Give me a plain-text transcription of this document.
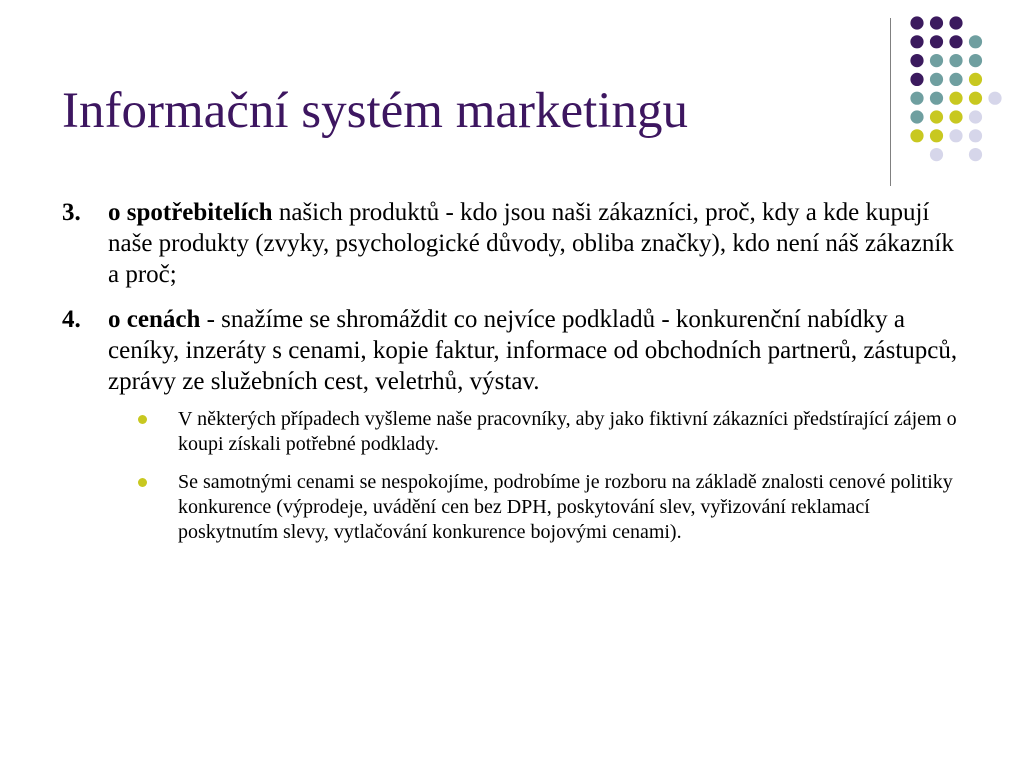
Informační systém marketingu
3. o spotřebitelích našich produktů - kdo jsou naši zákazníci, proč, kdy a kde kupují naše produkty (zvyky, psychologické důvody, obliba značky), kdo není náš zákazník a proč;
4. o cenách - snažíme se shromáždit co nejvíce podkladů - konkurenční nabídky a ceníky, inzeráty s cenami, kopie faktur, informace od obchodních partnerů, zástupců, zprávy ze služebních cest, veletrhů, výstav.
V některých případech vyšleme naše pracovníky, aby jako fiktivní zákazníci předstírající zájem o koupi získali potřebné podklady.
Se samotnými cenami se nespokojíme, podrobíme je rozboru na základě znalosti cenové politiky konkurence (výprodeje, uvádění cen bez DPH, poskytování slev, vyřizování reklamací poskytnutím slevy, vytlačování konkurence bojovými cenami).
